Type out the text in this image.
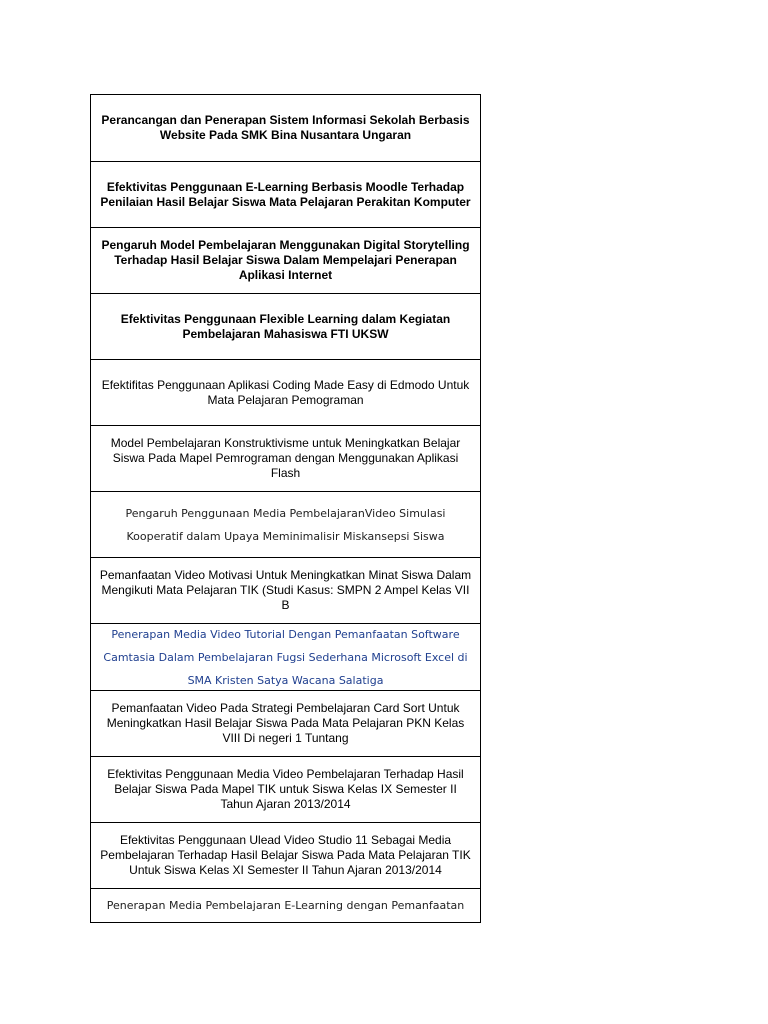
Perancangan dan Penerapan Sistem Informasi Sekolah Berbasis Website Pada SMK Bina Nusantara Ungaran
Efektivitas Penggunaan E-Learning Berbasis Moodle Terhadap Penilaian Hasil Belajar Siswa Mata Pelajaran Perakitan Komputer
Pengaruh Model Pembelajaran Menggunakan Digital Storytelling Terhadap Hasil Belajar Siswa Dalam Mempelajari Penerapan Aplikasi Internet
Efektivitas Penggunaan Flexible Learning dalam Kegiatan Pembelajaran Mahasiswa FTI UKSW
Efektifitas Penggunaan Aplikasi Coding Made Easy di Edmodo Untuk Mata Pelajaran Pemograman
Model Pembelajaran Konstruktivisme untuk Meningkatkan Belajar Siswa Pada Mapel Pemrograman dengan Menggunakan Aplikasi Flash
Pengaruh Penggunaan Media PembelajaranVideo Simulasi Kooperatif dalam Upaya Meminimalisir Miskansepsi Siswa
Pemanfaatan Video Motivasi Untuk Meningkatkan Minat Siswa Dalam Mengikuti Mata Pelajaran TIK (Studi Kasus: SMPN 2 Ampel Kelas VII B
Penerapan Media Video Tutorial Dengan Pemanfaatan Software Camtasia Dalam Pembelajaran Fugsi Sederhana Microsoft Excel di SMA Kristen Satya Wacana Salatiga
Pemanfaatan Video Pada Strategi Pembelajaran Card Sort Untuk Meningkatkan Hasil Belajar Siswa Pada Mata Pelajaran PKN Kelas VIII Di negeri 1 Tuntang
Efektivitas Penggunaan Media Video Pembelajaran Terhadap Hasil Belajar Siswa Pada Mapel TIK untuk Siswa Kelas IX Semester II Tahun Ajaran 2013/2014
Efektivitas Penggunaan Ulead Video Studio 11 Sebagai Media Pembelajaran Terhadap Hasil Belajar Siswa Pada Mata Pelajaran TIK Untuk Siswa Kelas XI Semester II Tahun Ajaran 2013/2014
Penerapan Media Pembelajaran E-Learning dengan Pemanfaatan
